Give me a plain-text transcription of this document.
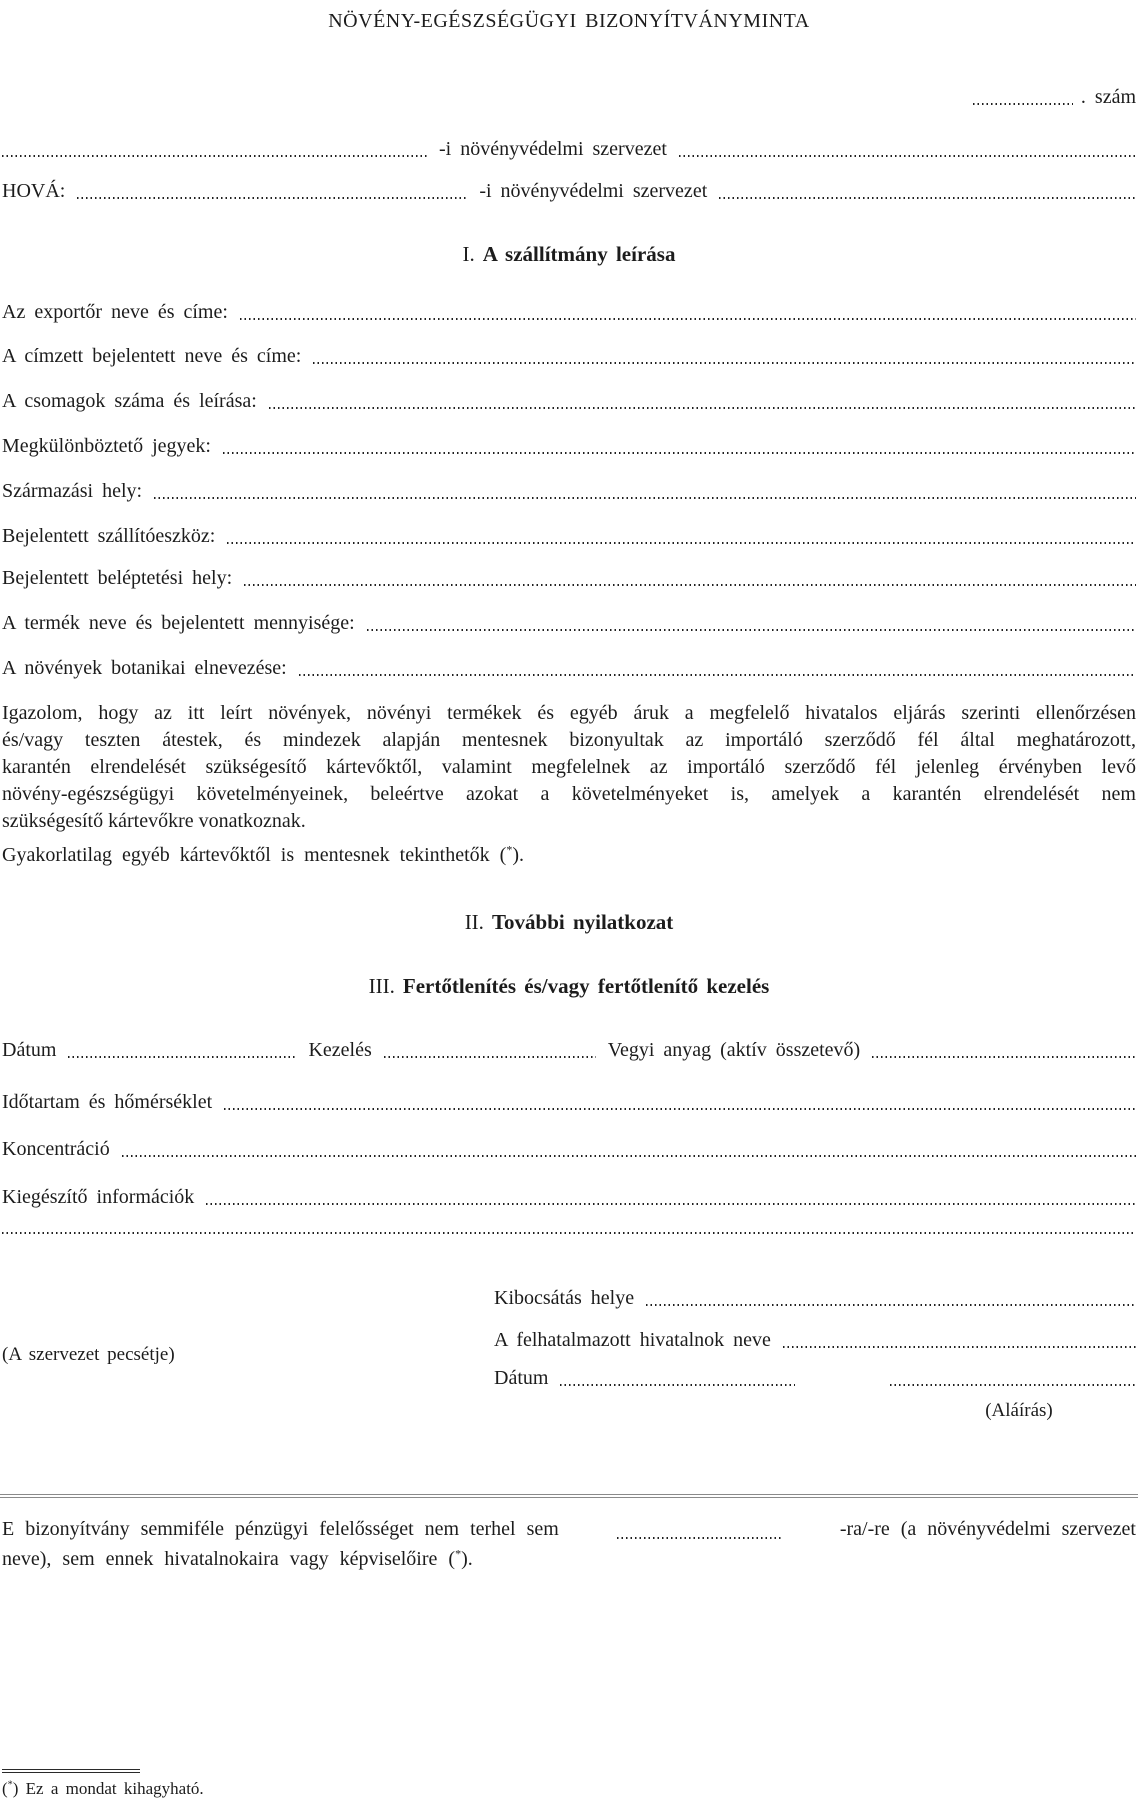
NÖVÉNY-EGÉSZSÉGÜGYI BIZONYÍTVÁNYMINTA
. szám
-i növényvédelmi szervezet
HOVÁ:	-i növényvédelmi szervezet
I. A szállítmány leírása
Az exportőr neve és címe:
A címzett bejelentett neve és címe:
A csomagok száma és leírása:
Megkülönböztető jegyek:
Származási hely:
Bejelentett szállítóeszköz:
Bejelentett beléptetési hely:
A termék neve és bejelentett mennyisége:
A növények botanikai elnevezése:
Igazolom, hogy az itt leírt növények, növényi termékek és egyéb áruk a megfelelő hivatalos eljárás szerinti ellenőrzésen
és/vagy teszten átestek, és mindezek alapján mentesnek bizonyultak az importáló szerződő fél által meghatározott,
karantén elrendelését szükségesítő kártevőktől, valamint megfelelnek az importáló szerződő fél jelenleg érvényben levő
növény-egészségügyi követelményeinek, beleértve azokat a követelményeket is, amelyek a karantén elrendelését nem
szükségesítő kártevőkre vonatkoznak.
Gyakorlatilag egyéb kártevőktől is mentesnek tekinthetők (*).
II. További nyilatkozat
III. Fertőtlenítés és/vagy fertőtlenítő kezelés
Dátum	Kezelés	Vegyi anyag (aktív összetevő)
Időtartam és hőmérséklet
Koncentráció
Kiegészítő információk
Kibocsátás helye
A felhatalmazott hivatalnok neve
(A szervezet pecsétje)
Dátum
(Aláírás)
E bizonyítvány semmiféle pénzügyi felelősséget nem terhel sem	-ra/-re (a növényvédelmi szervezet
neve), sem ennek hivatalnokaira vagy képviselőire (*).
(*) Ez a mondat kihagyható.
